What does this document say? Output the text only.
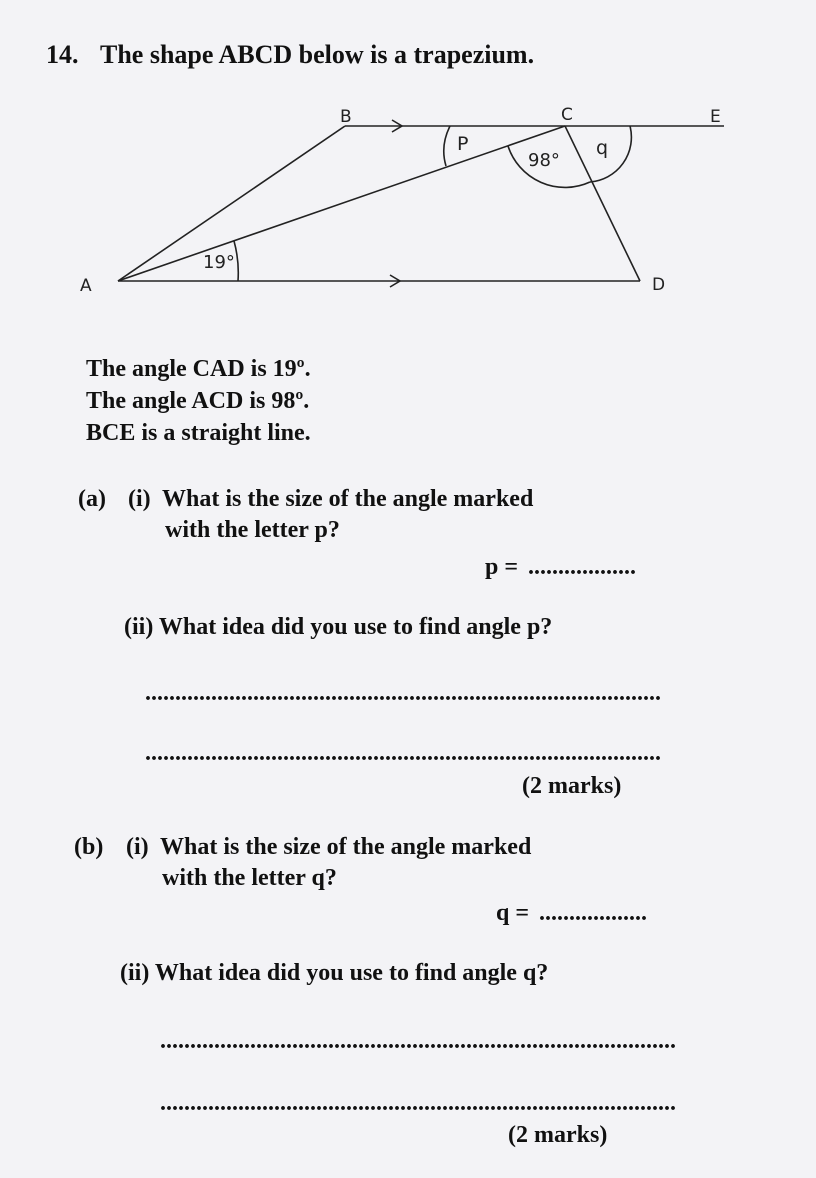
14. The shape ABCD below is a trapezium.
B	C	E
A	D
P	q
98°
19°
The angle CAD is 19º.
The angle ACD is 98º.
BCE is a straight line.
(a) (i) What is the size of the angle marked
with the letter p?
p = ..................
(ii) What idea did you use to find angle p?
......................................................................................
......................................................................................
(2 marks)
(b) (i) What is the size of the angle marked
with the letter q?
q = ..................
(ii) What idea did you use to find angle q?
......................................................................................
......................................................................................
(2 marks)
